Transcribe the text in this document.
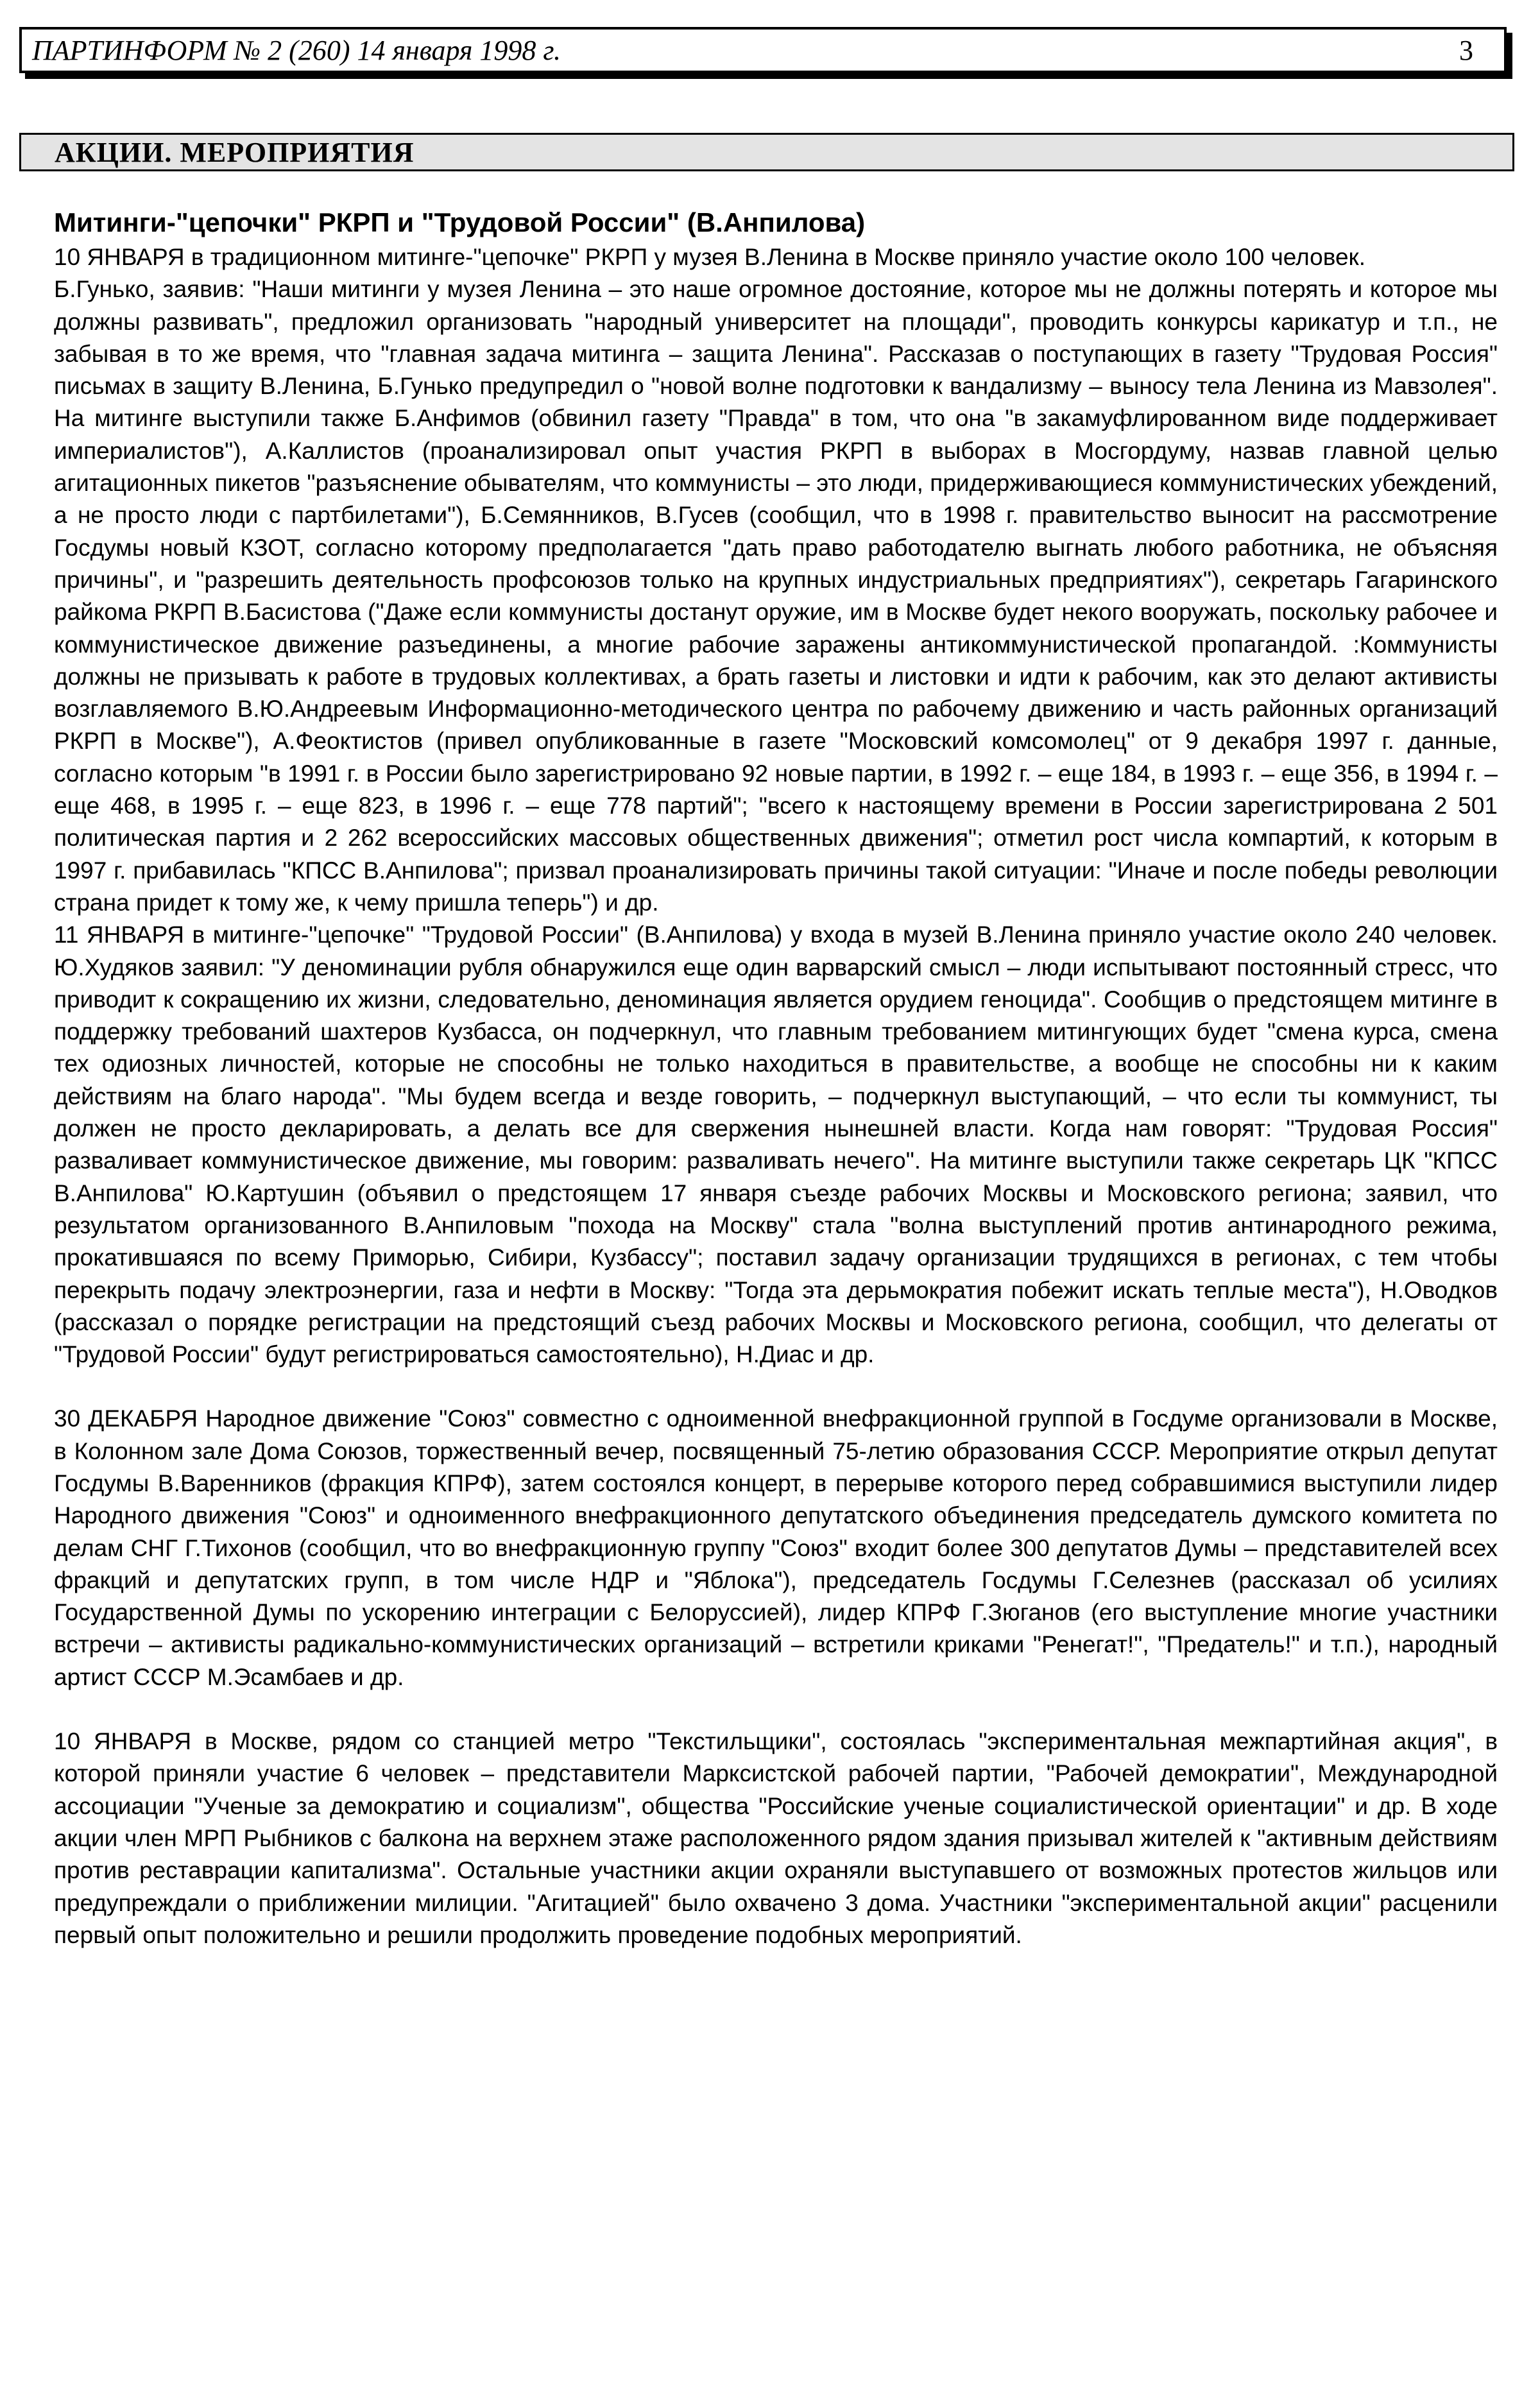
ПАРТИНФОРМ № 2 (260) 14 января 1998 г.	3
АКЦИИ. МЕРОПРИЯТИЯ
Митинги-"цепочки" РКРП и "Трудовой России" (В.Анпилова)

10 ЯНВАРЯ в традиционном митинге-"цепочке" РКРП у музея В.Ленина в Москве приняло участие около 100 человек.

Б.Гунько, заявив: "Наши митинги у музея Ленина – это наше огромное достояние, которое мы не должны потерять и которое мы должны развивать", предложил организовать "народный университет на площади", проводить конкурсы карикатур и т.п., не забывая в то же время, что "главная задача митинга – защита Ленина". Рассказав о поступающих в газету "Трудовая Россия" письмах в защиту В.Ленина, Б.Гунько предупредил о "новой волне подготовки к вандализму – выносу тела Ленина из Мавзолея". На митинге выступили также Б.Анфимов (обвинил газету "Правда" в том, что она "в закамуфлированном виде поддерживает империалистов"), А.Каллистов (проанализировал опыт участия РКРП в выборах в Мосгордуму, назвав главной целью агитационных пикетов "разъяснение обывателям, что коммунисты – это люди, придерживающиеся коммунистических убеждений, а не просто люди с партбилетами"), Б.Семянников, В.Гусев (сообщил, что в 1998 г. правительство выносит на рассмотрение Госдумы новый КЗОТ, согласно которому предполагается "дать право работодателю выгнать любого работника, не объясняя причины", и "разрешить деятельность профсоюзов только на крупных индустриальных предприятиях"), секретарь Гагаринского райкома РКРП В.Басистова ("Даже если коммунисты достанут оружие, им в Москве будет некого вооружать, поскольку рабочее и коммунистическое движение разъединены, а многие рабочие заражены антикоммунистической пропагандой. :Коммунисты должны не призывать к работе в трудовых коллективах, а брать газеты и листовки и идти к рабочим, как это делают активисты возглавляемого В.Ю.Андреевым Информационно-методического центра по рабочему движению и часть районных организаций РКРП в Москве"), А.Феоктистов (привел опубликованные в газете "Московский комсомолец" от 9 декабря 1997 г. данные, согласно которым "в 1991 г. в России было зарегистрировано 92 новые партии, в 1992 г. – еще 184, в 1993 г. – еще 356, в 1994 г. – еще 468, в 1995 г. – еще 823, в 1996 г. – еще 778 партий"; "всего к настоящему времени в России зарегистрирована 2 501 политическая партия и 2 262 всероссийских массовых общественных движения"; отметил рост числа компартий, к которым в 1997 г. прибавилась "КПСС В.Анпилова"; призвал проанализировать причины такой ситуации: "Иначе и после победы революции страна придет к тому же, к чему пришла теперь") и др.

11 ЯНВАРЯ в митинге-"цепочке" "Трудовой России" (В.Анпилова) у входа в музей В.Ленина приняло участие около 240 человек. Ю.Худяков заявил: "У деноминации рубля обнаружился еще один варварский смысл – люди испытывают постоянный стресс, что приводит к сокращению их жизни, следовательно, деноминация является орудием геноцида". Сообщив о предстоящем митинге в поддержку требований шахтеров Кузбасса, он подчеркнул, что главным требованием митингующих будет "смена курса, смена тех одиозных личностей, которые не способны не только находиться в правительстве, а вообще не способны ни к каким действиям на благо народа". "Мы будем всегда и везде говорить, – подчеркнул выступающий, – что если ты коммунист, ты должен не просто декларировать, а делать все для свержения нынешней власти. Когда нам говорят: "Трудовая Россия" разваливает коммунистическое движение, мы говорим: разваливать нечего". На митинге выступили также секретарь ЦК "КПСС В.Анпилова" Ю.Картушин (объявил о предстоящем 17 января съезде рабочих Москвы и Московского региона; заявил, что результатом организованного В.Анпиловым "похода на Москву" стала "волна выступлений против антинародного режима, прокатившаяся по всему Приморью, Сибири, Кузбассу"; поставил задачу организации трудящихся в регионах, с тем чтобы перекрыть подачу электроэнергии, газа и нефти в Москву: "Тогда эта дерьмократия побежит искать теплые места"), Н.Оводков (рассказал о порядке регистрации на предстоящий съезд рабочих Москвы и Московского региона, сообщил, что делегаты от "Трудовой России" будут регистрироваться самостоятельно), Н.Диас и др.

30 ДЕКАБРЯ Народное движение "Союз" совместно с одноименной внефракционной группой в Госдуме организовали в Москве, в Колонном зале Дома Союзов, торжественный вечер, посвященный 75-летию образования СССР. Мероприятие открыл депутат Госдумы В.Варенников (фракция КПРФ), затем состоялся концерт, в перерыве которого перед собравшимися выступили лидер Народного движения "Союз" и одноименного внефракционного депутатского объединения председатель думского комитета по делам СНГ Г.Тихонов (сообщил, что во внефракционную группу "Союз" входит более 300 депутатов Думы – представителей всех фракций и депутатских групп, в том числе НДР и "Яблока"), председатель Госдумы Г.Селезнев (рассказал об усилиях Государственной Думы по ускорению интеграции с Белоруссией), лидер КПРФ Г.Зюганов (его выступление многие участники встречи – активисты радикально-коммунистических организаций – встретили криками "Ренегат!", "Предатель!" и т.п.), народный артист СССР М.Эсамбаев и др.

10 ЯНВАРЯ в Москве, рядом со станцией метро "Текстильщики", состоялась "экспериментальная межпартийная акция", в которой приняли участие 6 человек – представители Марксистской рабочей партии, "Рабочей демократии", Международной ассоциации "Ученые за демократию и социализм", общества "Российские ученые социалистической ориентации" и др. В ходе акции член МРП Рыбников с балкона на верхнем этаже расположенного рядом здания призывал жителей к "активным действиям против реставрации капитализма". Остальные участники акции охраняли выступавшего от возможных протестов жильцов или предупреждали о приближении милиции. "Агитацией" было охвачено 3 дома. Участники "экспериментальной акции" расценили первый опыт положительно и решили продолжить проведение подобных мероприятий.
